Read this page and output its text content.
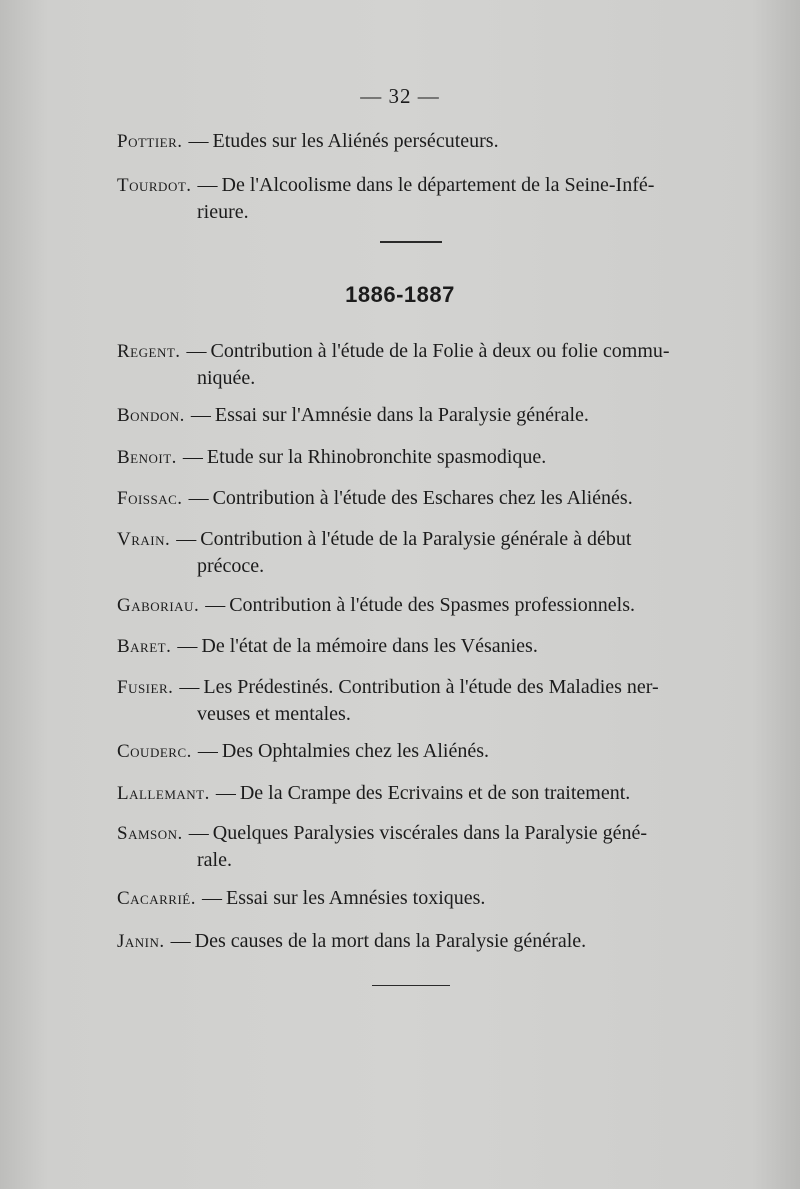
— 32 —
Pottier. — Etudes sur les Aliénés persécuteurs.
Tourdot. — De l'Alcoolisme dans le département de la Seine-Infé-
rieure.
1886-1887
Regent. — Contribution à l'étude de la Folie à deux ou folie commu-
niquée.
Bondon. — Essai sur l'Amnésie dans la Paralysie générale.
Benoit. — Etude sur la Rhinobronchite spasmodique.
Foissac. — Contribution à l'étude des Eschares chez les Aliénés.
Vrain. — Contribution à l'étude de la Paralysie générale à début
précoce.
Gaboriau. — Contribution à l'étude des Spasmes professionnels.
Baret. — De l'état de la mémoire dans les Vésanies.
Fusier. — Les Prédestinés. Contribution à l'étude des Maladies ner-
veuses et mentales.
Couderc. — Des Ophtalmies chez les Aliénés.
Lallemant. — De la Crampe des Ecrivains et de son traitement.
Samson. — Quelques Paralysies viscérales dans la Paralysie géné-
rale.
Cacarrié. — Essai sur les Amnésies toxiques.
Janin. — Des causes de la mort dans la Paralysie générale.
